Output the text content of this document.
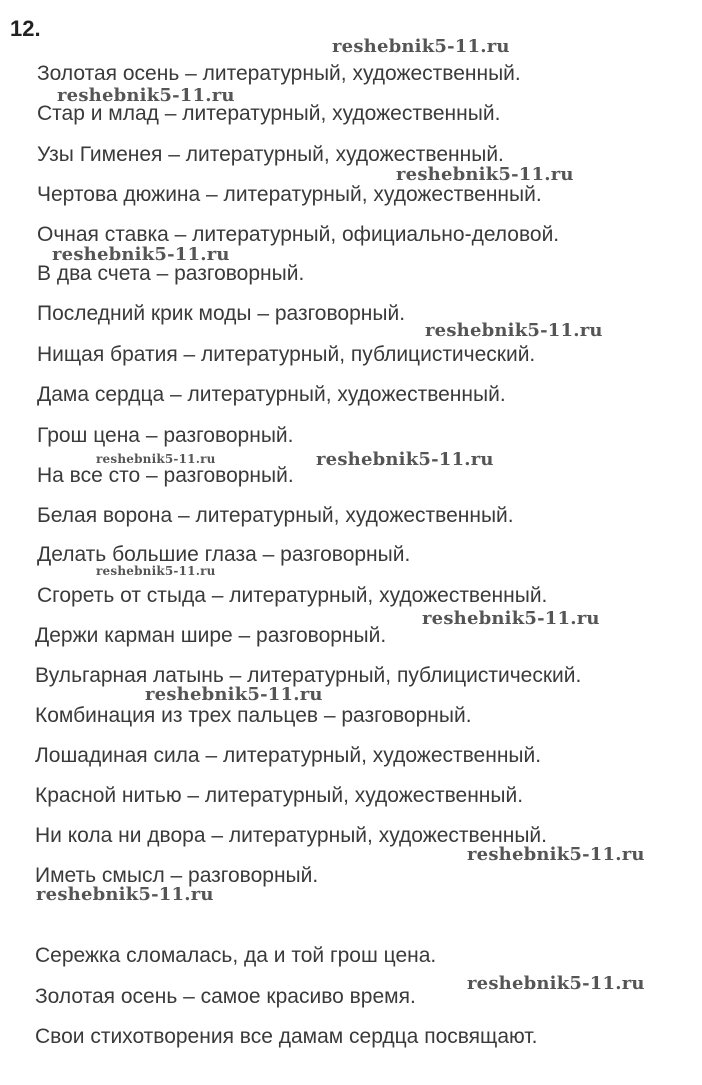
12.
Золотая осень – литературный, художественный.
Стар и млад – литературный, художественный.
Узы Гименея – литературный, художественный.
Чертова дюжина – литературный, художественный.
Очная ставка – литературный, официально-деловой.
В два счета – разговорный.
Последний крик моды – разговорный.
Нищая братия – литературный, публицистический.
Дама сердца – литературный, художественный.
Грош цена – разговорный.
На все сто – разговорный.
Белая ворона – литературный, художественный.
Делать большие глаза – разговорный.
Сгореть от стыда – литературный, художественный.
Держи карман шире – разговорный.
Вульгарная латынь – литературный, публицистический.
Комбинация из трех пальцев – разговорный.
Лошадиная сила – литературный, художественный.
Красной нитью – литературный, художественный.
Ни кола ни двора – литературный, художественный.
Иметь смысл – разговорный.
Сережка сломалась, да и той грош цена.
Золотая осень – самое красиво время.
Свои стихотворения все дамам сердца посвящают.
reshebnik5-11.ru
reshebnik5-11.ru
reshebnik5-11.ru
reshebnik5-11.ru
reshebnik5-11.ru
reshebnik5-11.ru	reshebnik5-11.ru
reshebnik5-11.ru
reshebnik5-11.ru
reshebnik5-11.ru
reshebnik5-11.ru
reshebnik5-11.ru
reshebnik5-11.ru
